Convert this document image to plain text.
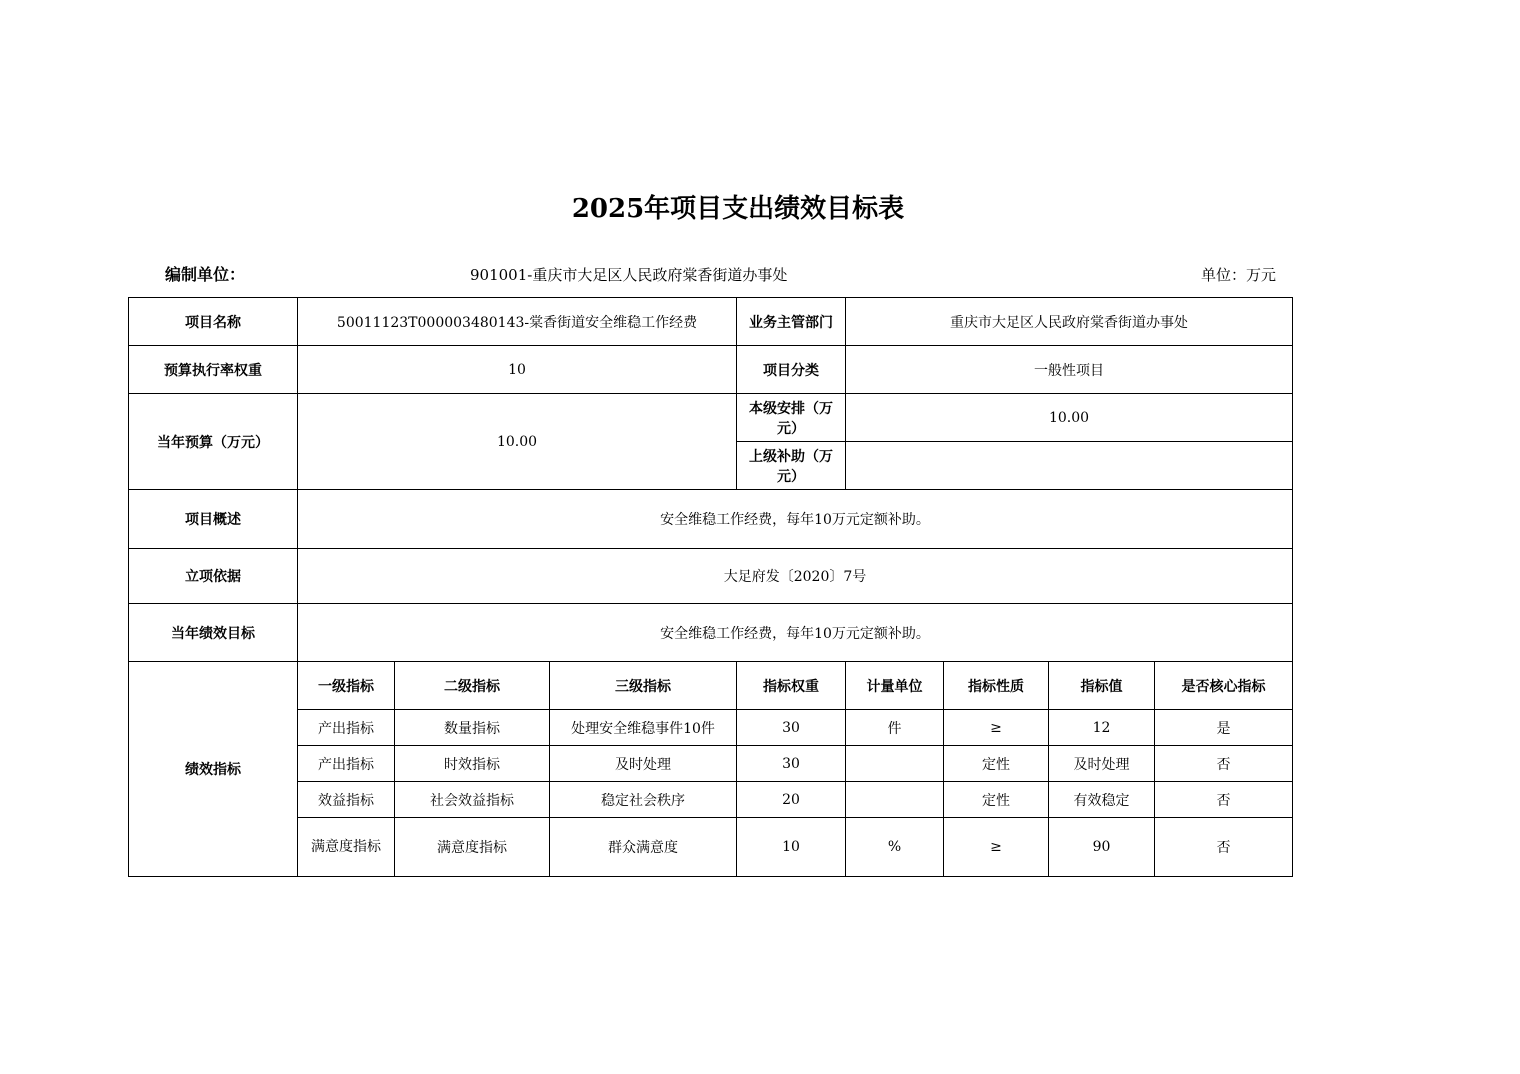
2025年项目支出绩效目标表
编制单位：	901001-重庆市大足区人民政府棠香街道办事处	单位：万元
项目名称	50011123T000003480143-棠香街道安全维稳工作经费			业务主管部门	重庆市大足区人民政府棠香街道办事处			
预算执行率权重	10			项目分类	一般性项目			
当年预算（万元）	10.00			本级安排（万元）	10.00			
				上级补助（万元）				
项目概述	安全维稳工作经费，每年10万元定额补助。							
立项依据	大足府发〔2020〕7号							
当年绩效目标	安全维稳工作经费，每年10万元定额补助。							
绩效指标	一级指标	二级指标	三级指标	指标权重	计量单位	指标性质	指标值	是否核心指标
	产出指标	数量指标	处理安全维稳事件10件	30	件	≥	12	是
	产出指标	时效指标	及时处理	30		定性	及时处理	否
	效益指标	社会效益指标	稳定社会秩序	20		定性	有效稳定	否
	满意度指标	满意度指标	群众满意度	10	%	≥	90	否
